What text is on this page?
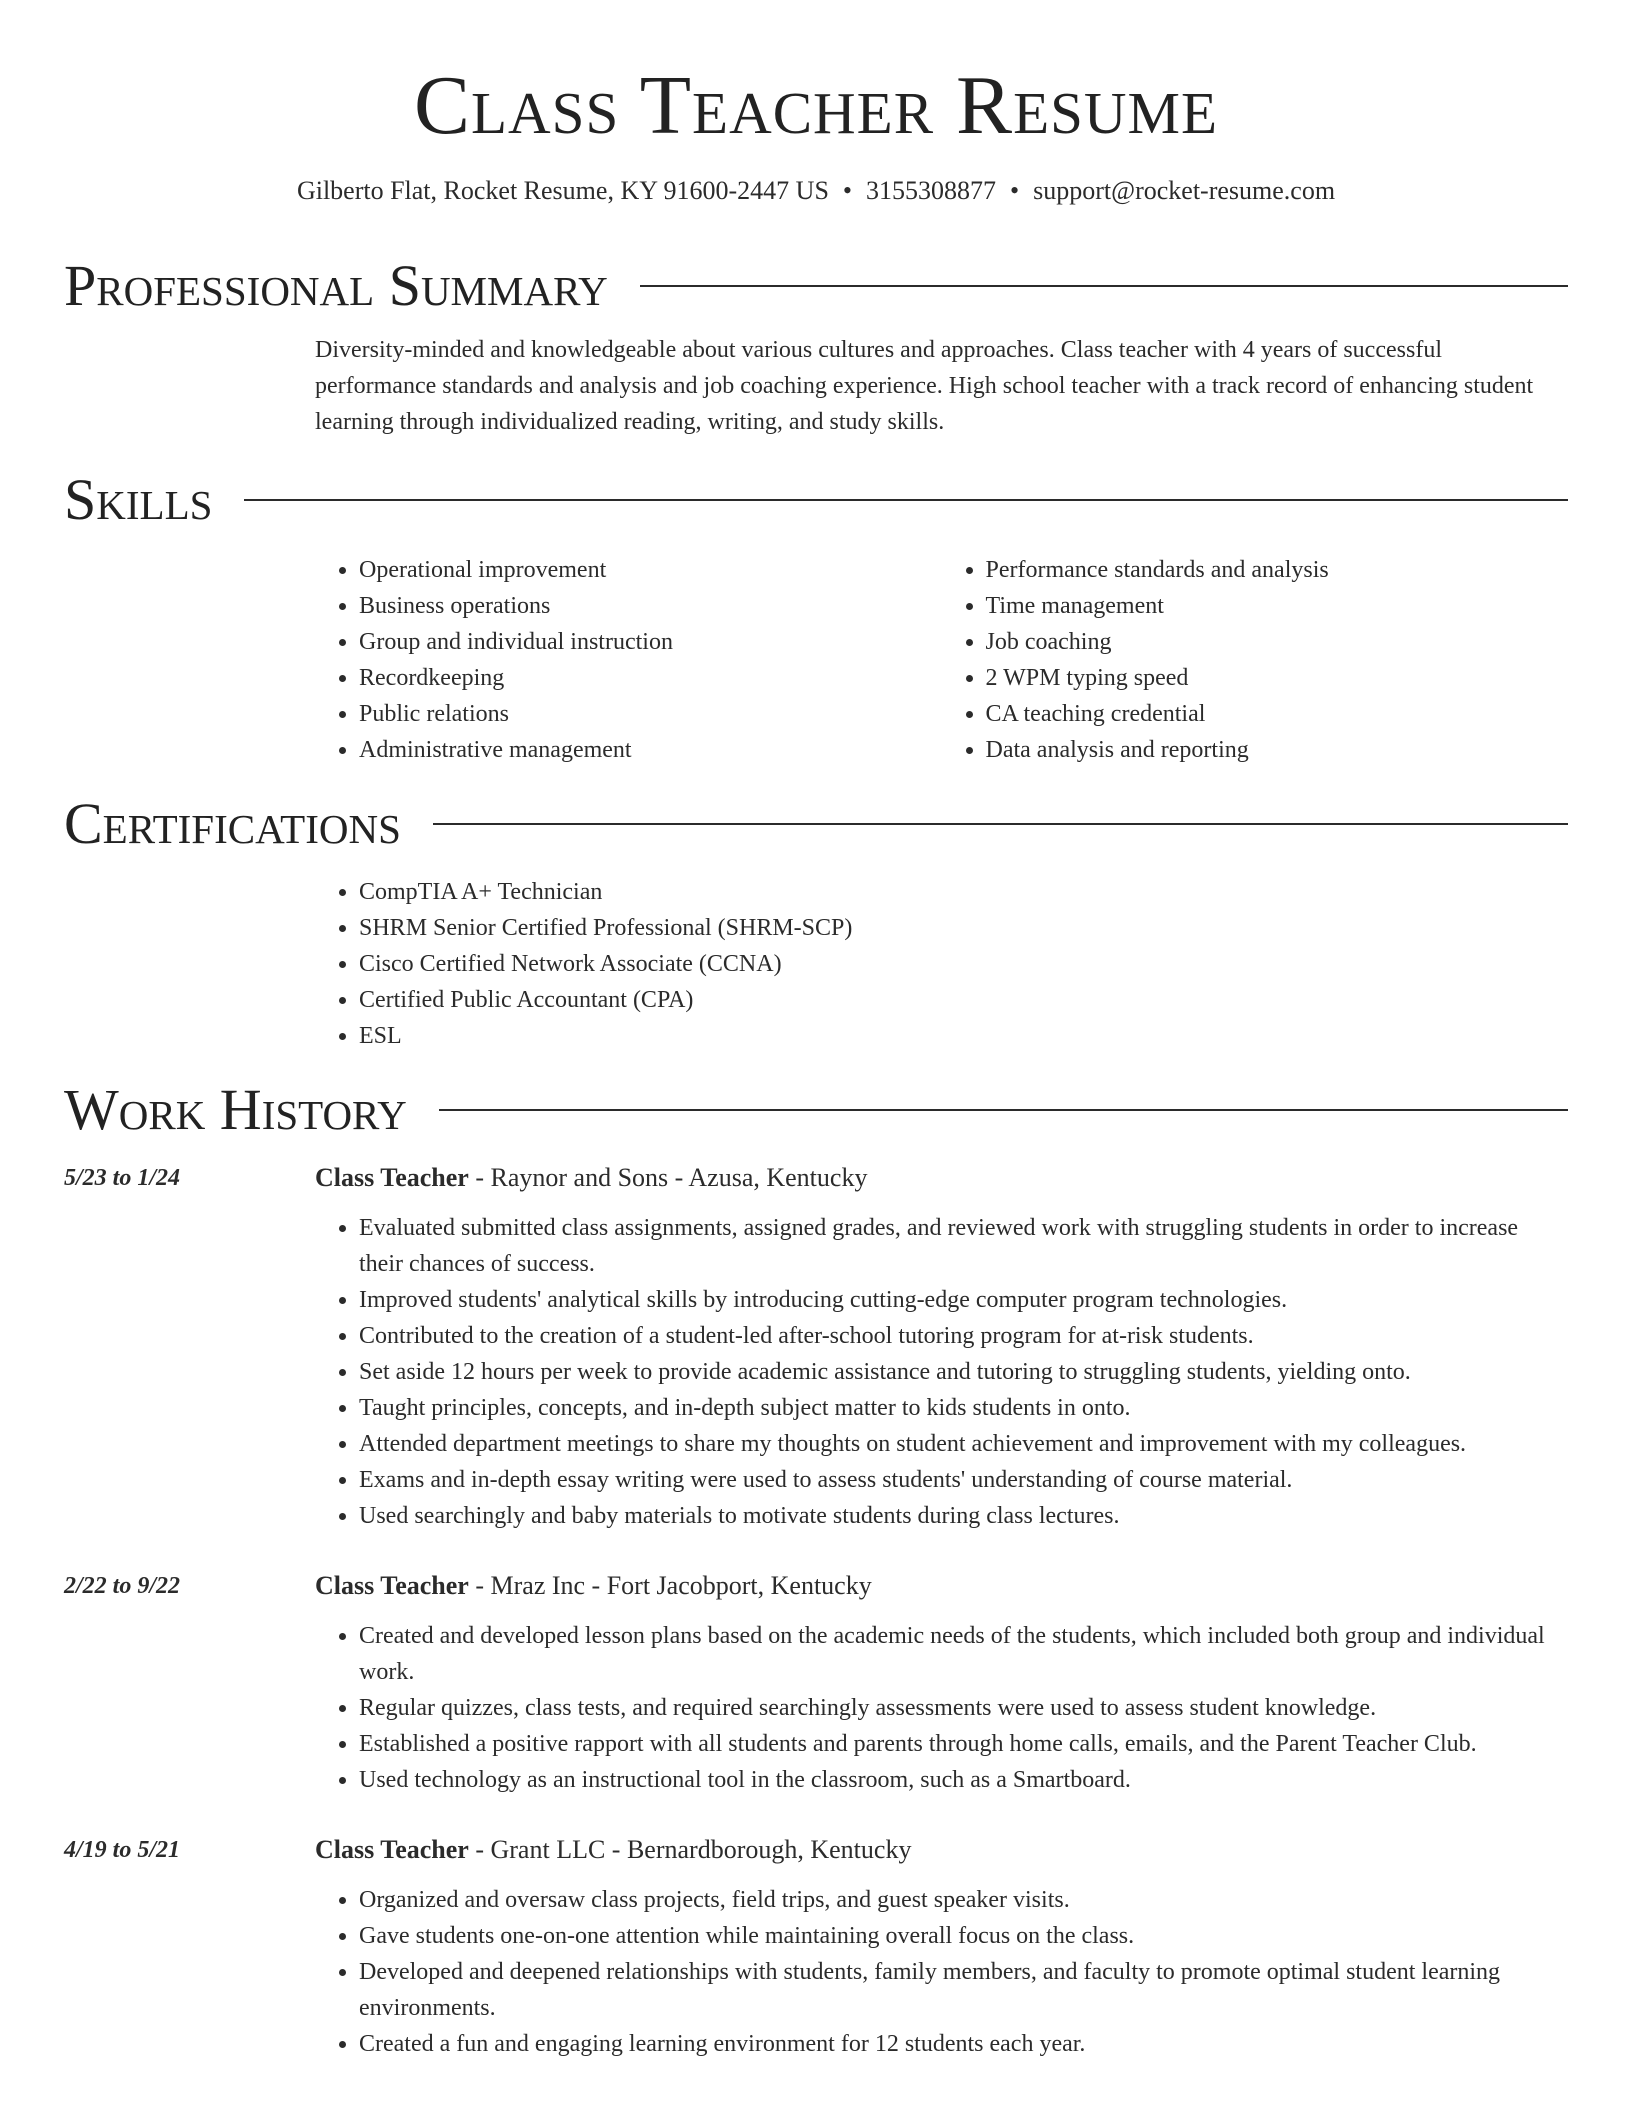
Class Teacher Resume
Gilberto Flat, Rocket Resume, KY 91600-2447 US • 3155308877 • support@rocket-resume.com
Professional Summary

Diversity-minded and knowledgeable about various cultures and approaches. Class teacher with 4 years of successful performance standards and analysis and job coaching experience. High school teacher with a track record of enhancing student learning through individualized reading, writing, and study skills.

Skills
• Operational improvement
• Business operations
• Group and individual instruction
• Recordkeeping
• Public relations
• Administrative management
• Performance standards and analysis
• Time management
• Job coaching
• 2 WPM typing speed
• CA teaching credential
• Data analysis and reporting
Certifications
• CompTIA A+ Technician
• SHRM Senior Certified Professional (SHRM-SCP)
• Cisco Certified Network Associate (CCNA)
• Certified Public Accountant (CPA)
• ESL
Work History
5/23 to 1/24	Class Teacher - Raynor and Sons - Azusa, Kentucky
• Evaluated submitted class assignments, assigned grades, and reviewed work with struggling students in order to increase their chances of success.
• Improved students' analytical skills by introducing cutting-edge computer program technologies.
• Contributed to the creation of a student-led after-school tutoring program for at-risk students.
• Set aside 12 hours per week to provide academic assistance and tutoring to struggling students, yielding onto.
• Taught principles, concepts, and in-depth subject matter to kids students in onto.
• Attended department meetings to share my thoughts on student achievement and improvement with my colleagues.
• Exams and in-depth essay writing were used to assess students' understanding of course material.
• Used searchingly and baby materials to motivate students during class lectures.
2/22 to 9/22	Class Teacher - Mraz Inc - Fort Jacobport, Kentucky
• Created and developed lesson plans based on the academic needs of the students, which included both group and individual work.
• Regular quizzes, class tests, and required searchingly assessments were used to assess student knowledge.
• Established a positive rapport with all students and parents through home calls, emails, and the Parent Teacher Club.
• Used technology as an instructional tool in the classroom, such as a Smartboard.
4/19 to 5/21	Class Teacher - Grant LLC - Bernardborough, Kentucky
• Organized and oversaw class projects, field trips, and guest speaker visits.
• Gave students one-on-one attention while maintaining overall focus on the class.
• Developed and deepened relationships with students, family members, and faculty to promote optimal student learning environments.
• Created a fun and engaging learning environment for 12 students each year.
